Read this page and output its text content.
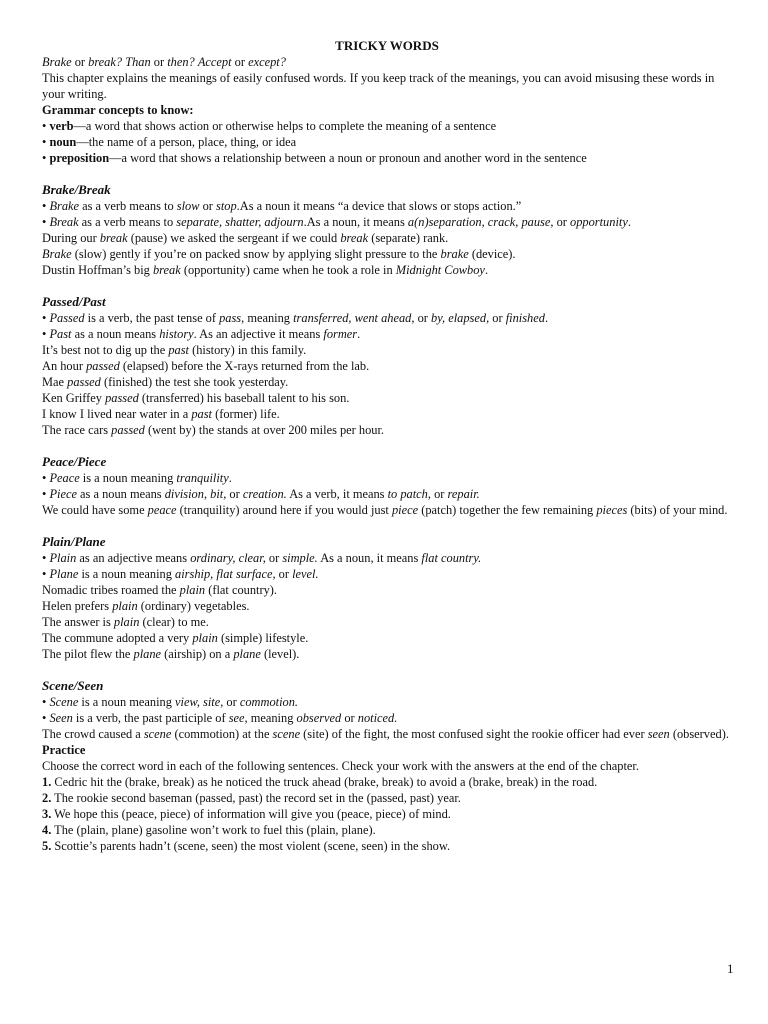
TRICKY WORDS
Brake or break? Than or then? Accept or except?
This chapter explains the meanings of easily confused words. If you keep track of the meanings, you can avoid misusing these words in your writing.
Grammar concepts to know:
• verb—a word that shows action or otherwise helps to complete the meaning of a sentence
• noun—the name of a person, place, thing, or idea
• preposition—a word that shows a relationship between a noun or pronoun and another word in the sentence
Brake/Break
• Brake as a verb means to slow or stop.As a noun it means “a device that slows or stops action.”
• Break as a verb means to separate, shatter, adjourn.As a noun, it means a(n)separation, crack, pause, or opportunity.
During our break (pause) we asked the sergeant if we could break (separate) rank.
Brake (slow) gently if you’re on packed snow by applying slight pressure to the brake (device).
Dustin Hoffman’s big break (opportunity) came when he took a role in Midnight Cowboy.
Passed/Past
• Passed is a verb, the past tense of pass, meaning transferred, went ahead, or by, elapsed, or finished.
• Past as a noun means history. As an adjective it means former.
It’s best not to dig up the past (history) in this family.
An hour passed (elapsed) before the X-rays returned from the lab.
Mae passed (finished) the test she took yesterday.
Ken Griffey passed (transferred) his baseball talent to his son.
I know I lived near water in a past (former) life.
The race cars passed (went by) the stands at over 200 miles per hour.
Peace/Piece
• Peace is a noun meaning tranquility.
• Piece as a noun means division, bit, or creation. As a verb, it means to patch, or repair.
We could have some peace (tranquility) around here if you would just piece (patch) together the few remaining pieces (bits) of your mind.
Plain/Plane
• Plain as an adjective means ordinary, clear, or simple. As a noun, it means flat country.
• Plane is a noun meaning airship, flat surface, or level.
Nomadic tribes roamed the plain (flat country).
Helen prefers plain (ordinary) vegetables.
The answer is plain (clear) to me.
The commune adopted a very plain (simple) lifestyle.
The pilot flew the plane (airship) on a plane (level).
Scene/Seen
• Scene is a noun meaning view, site, or commotion.
• Seen is a verb, the past participle of see, meaning observed or noticed.
The crowd caused a scene (commotion) at the scene (site) of the fight, the most confused sight the rookie officer had ever seen (observed).
Practice
Choose the correct word in each of the following sentences. Check your work with the answers at the end of the chapter.
1. Cedric hit the (brake, break) as he noticed the truck ahead (brake, break) to avoid a (brake, break) in the road.
2. The rookie second baseman (passed, past) the record set in the (passed, past) year.
3. We hope this (peace, piece) of information will give you (peace, piece) of mind.
4. The (plain, plane) gasoline won’t work to fuel this (plain, plane).
5. Scottie’s parents hadn’t (scene, seen) the most violent (scene, seen) in the show.
1
